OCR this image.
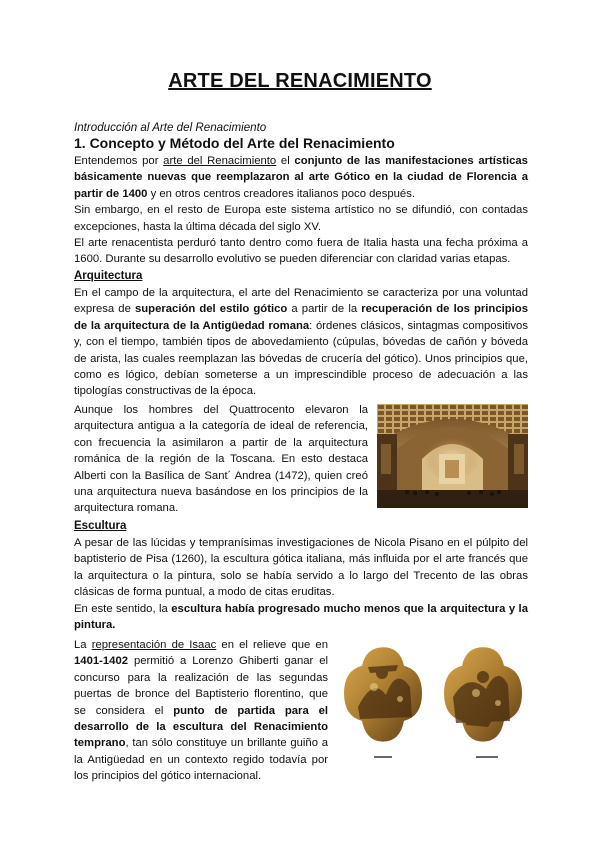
ARTE DEL RENACIMIENTO

Introducción al Arte del Renacimiento

1. Concepto y Método del Arte del Renacimiento

Entendemos por arte del Renacimiento el conjunto de las manifestaciones artísticas básicamente nuevas que reemplazaron al arte Gótico en la ciudad de Florencia a partir de 1400 y en otros centros creadores italianos poco después.

Sin embargo, en el resto de Europa este sistema artístico no se difundió, con contadas excepciones, hasta la última década del siglo XV.

El arte renacentista perduró tanto dentro como fuera de Italia hasta una fecha próxima a 1600. Durante su desarrollo evolutivo se pueden diferenciar con claridad varias etapas.

Arquitectura

En el campo de la arquitectura, el arte del Renacimiento se caracteriza por una voluntad expresa de superación del estilo gótico a partir de la recuperación de los principios de la arquitectura de la Antigüedad romana: órdenes clásicos, sintagmas compositivos y, con el tiempo, también tipos de abovedamiento (cúpulas, bóvedas de cañón y bóveda de arista, las cuales reemplazan las bóvedas de crucería del gótico). Unos principios que, como es lógico, debían someterse a un imprescindible proceso de adecuación a las tipologías constructivas de la época.

Aunque los hombres del Quattrocento elevaron la arquitectura antigua a la categoría de ideal de referencia, con frecuencia la asimilaron a partir de la arquitectura románica de la región de la Toscana. En esto destaca Alberti con la Basílica de Sant´ Andrea (1472), quien creó una arquitectura nueva basándose en los principios de la arquitectura romana.

Escultura

A pesar de las lúcidas y tempranísimas investigaciones de Nicola Pisano en el púlpito del baptisterio de Pisa (1260), la escultura gótica italiana, más influida por el arte francés que la arquitectura o la pintura, solo se había servido a lo largo del Trecento de las obras clásicas de forma puntual, a modo de citas eruditas.

En este sentido, la escultura había progresado mucho menos que la arquitectura y la pintura.

La representación de Isaac en el relieve que en 1401-1402 permitió a Lorenzo Ghiberti ganar el concurso para la realización de las segundas puertas de bronce del Baptisterio florentino, que se considera el punto de partida para el desarrollo de la escultura del Renacimiento temprano, tan sólo constituye un brillante guiño a la Antigüedad en un contexto regido todavía por los principios del gótico internacional.
